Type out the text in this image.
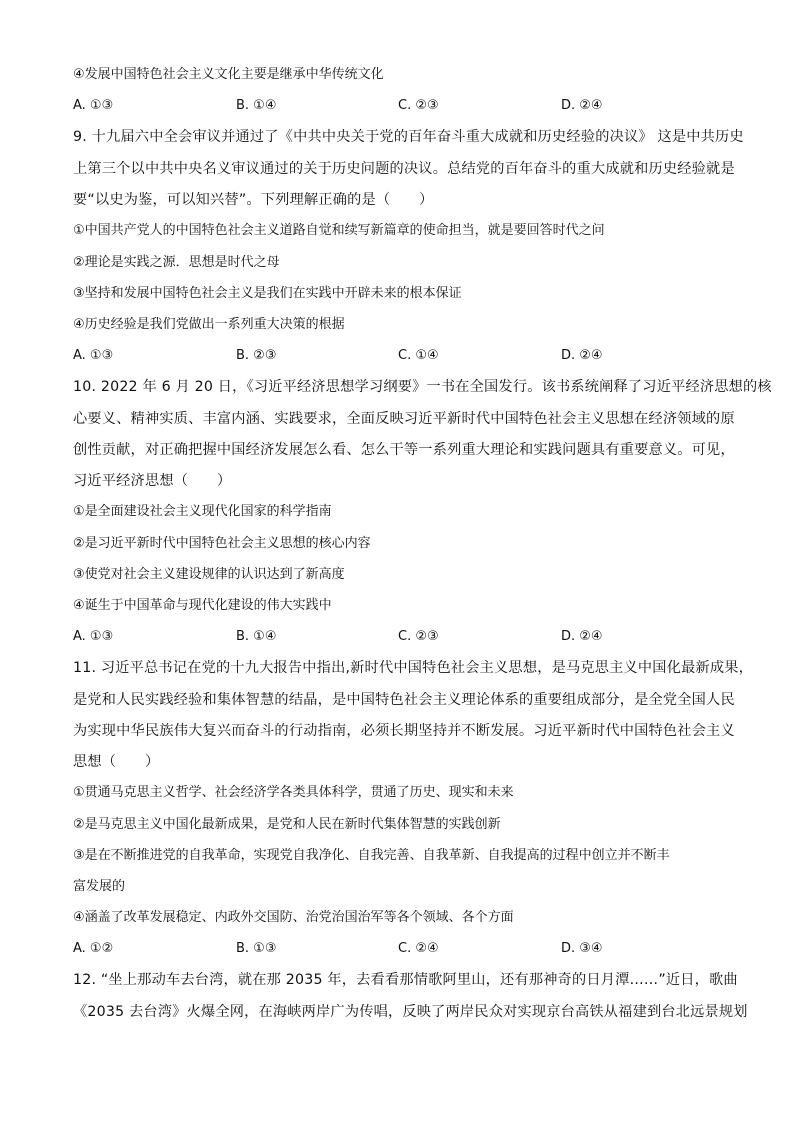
④发展中国特色社会主义文化主要是继承中华传统文化
9. 十九届六中全会审议并通过了《中共中央关于党的百年奋斗重大成就和历史经验的决议》 这是中共历史
上第三个以中共中央名义审议通过的关于历史问题的决议。总结党的百年奋斗的重大成就和历史经验就是
要“以史为鉴，可以知兴替”。下列理解正确的是（　　）
①中国共产党人的中国特色社会主义道路自觉和续写新篇章的使命担当，就是要回答时代之问
②理论是实践之源．思想是时代之母
③坚持和发展中国特色社会主义是我们在实践中开辟未来的根本保证
④历史经验是我们党做出一系列重大决策的根据
10. 2022 年 6 月 20 日，《习近平经济思想学习纲要》一书在全国发行。该书系统阐释了习近平经济思想的核
心要义、精神实质、丰富内涵、实践要求，全面反映习近平新时代中国特色社会主义思想在经济领域的原
创性贡献，对正确把握中国经济发展怎么看、怎么干等一系列重大理论和实践问题具有重要意义。可见，
习近平经济思想（　　）
①是全面建设社会主义现代化国家的科学指南
②是习近平新时代中国特色社会主义思想的核心内容
③使党对社会主义建设规律的认识达到了新高度
④诞生于中国革命与现代化建设的伟大实践中
11. 习近平总书记在党的十九大报告中指出,新时代中国特色社会主义思想，是马克思主义中国化最新成果，
是党和人民实践经验和集体智慧的结晶，是中国特色社会主义理论体系的重要组成部分，是全党全国人民
为实现中华民族伟大复兴而奋斗的行动指南，必须长期坚持并不断发展。习近平新时代中国特色社会主义
思想（　　）
①贯通马克思主义哲学、社会经济学各类具体科学，贯通了历史、现实和未来
②是马克思主义中国化最新成果，是党和人民在新时代集体智慧的实践创新
③是在不断推进党的自我革命，实现党自我净化、自我完善、自我革新、自我提高的过程中创立并不断丰
富发展的
④涵盖了改革发展稳定、内政外交国防、治党治国治军等各个领域、各个方面
12. “坐上那动车去台湾，就在那 2035 年，去看看那情歌阿里山，还有那神奇的日月潭……”近日，歌曲
《2035 去台湾》火爆全网，在海峡两岸广为传唱，反映了两岸民众对实现京台高铁从福建到台北远景规划
A. ①③	B. ①④	C. ②③	D. ②④
A. ①③	B. ②③	C. ①④	D. ②④
A. ①③	B. ①④	C. ②③	D. ②④
A. ①②	B. ①③	C. ②④	D. ③④
